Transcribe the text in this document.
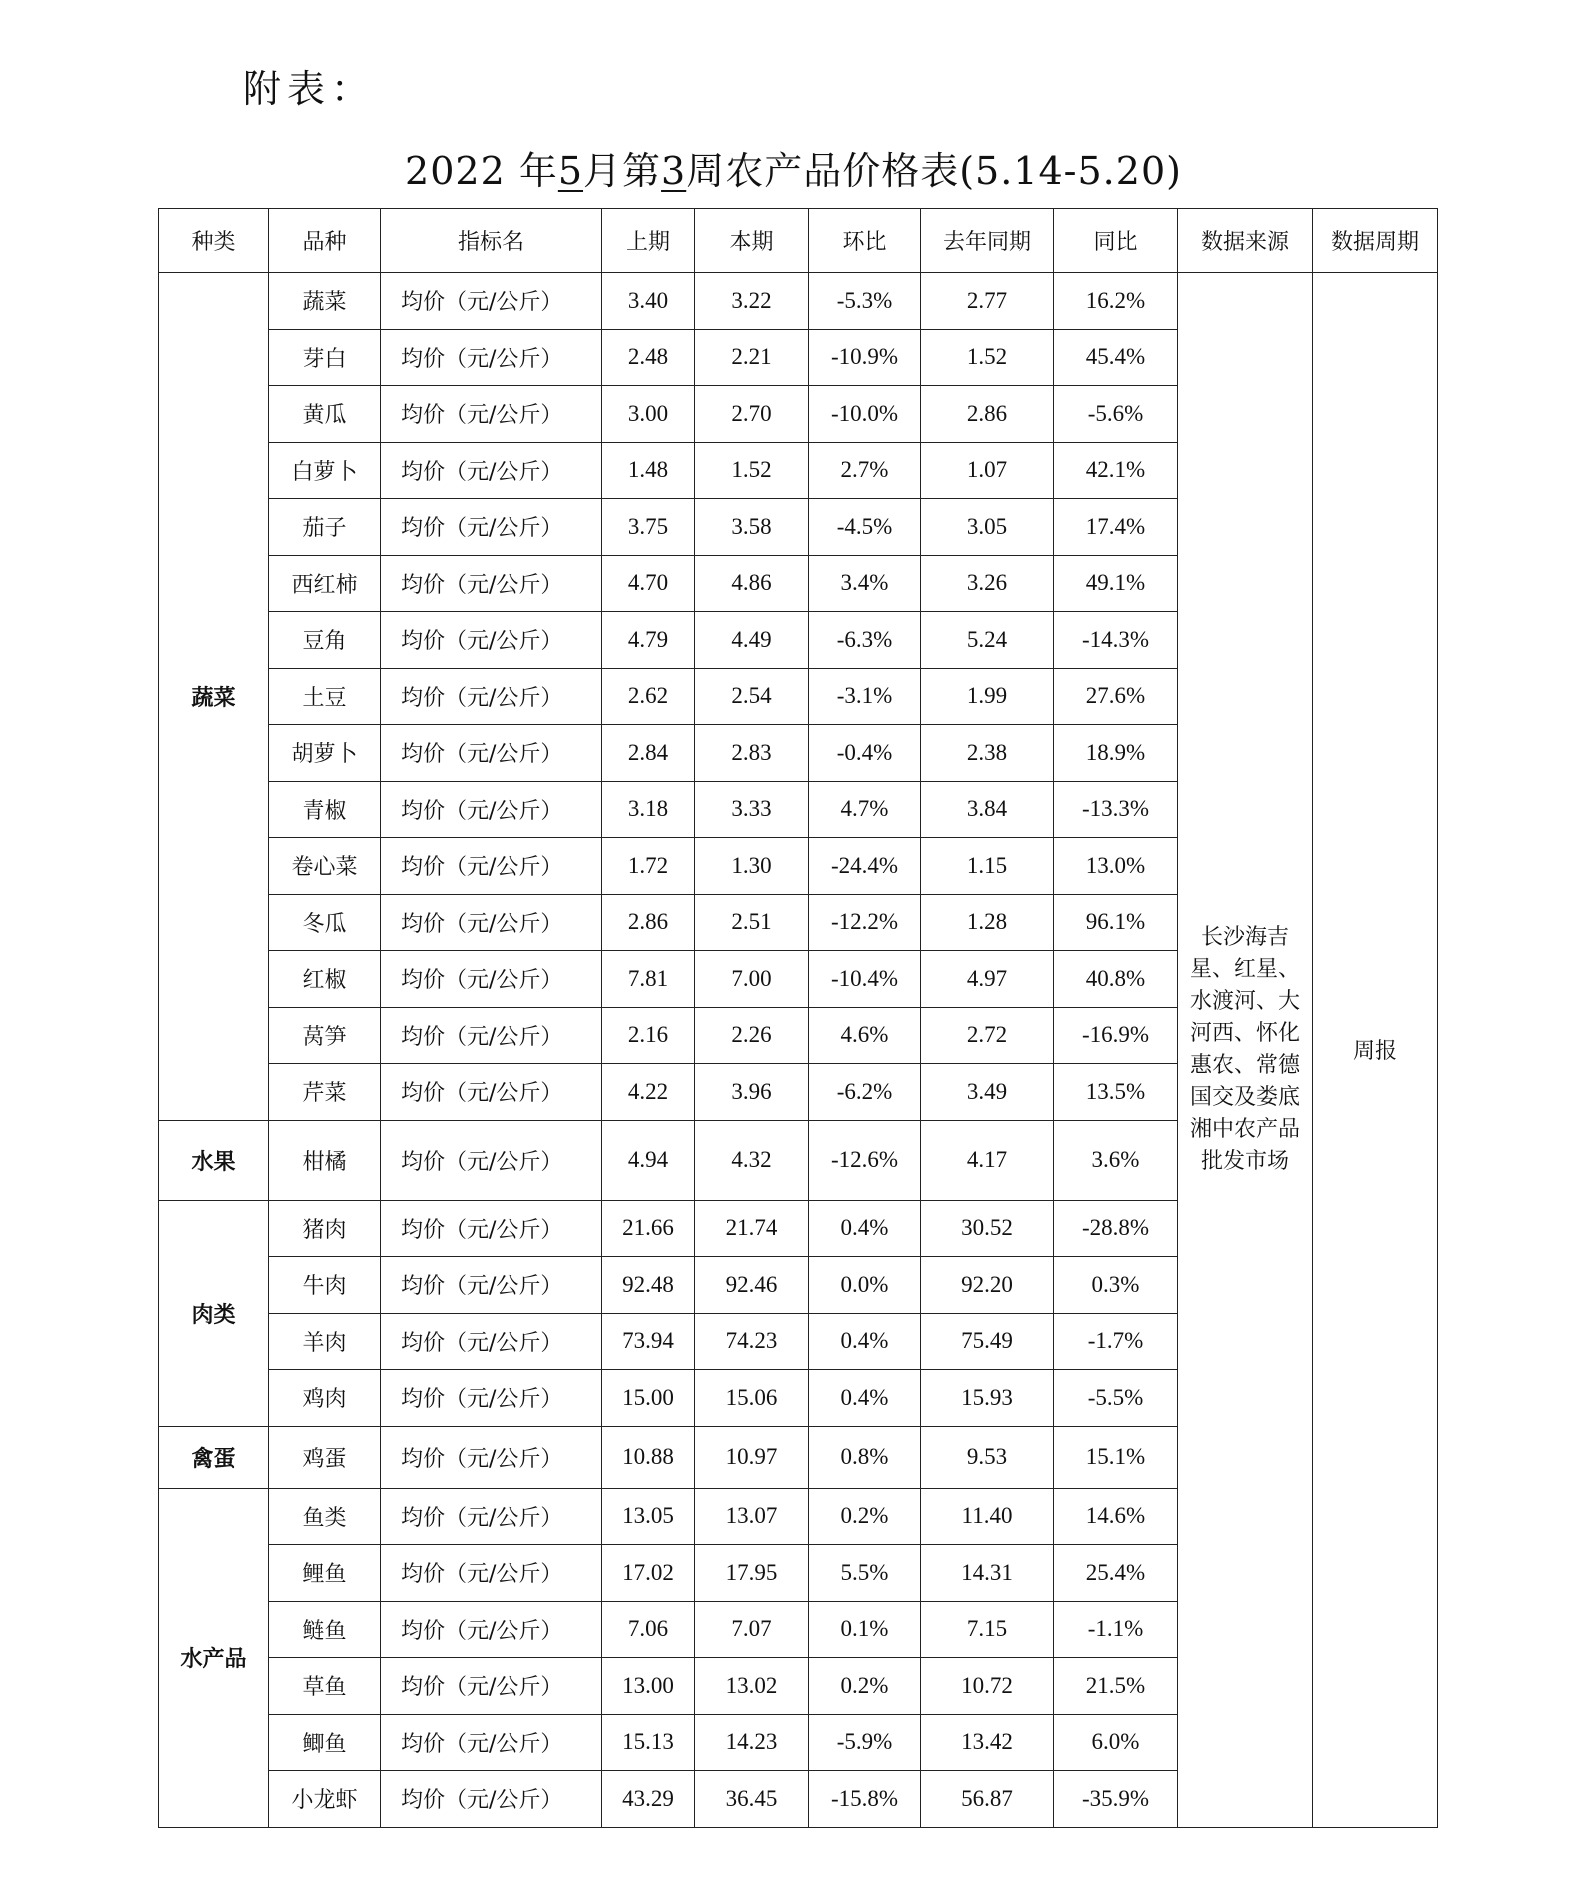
附表：
2022 年5月第3周农产品价格表(5.14-5.20)
种类	品种	指标名	上期	本期	环比	去年同期	同比	数据来源	数据周期
蔬菜	蔬菜	均价（元/公斤）	3.40	3.22	-5.3%	2.77	16.2%	长沙海吉星、红星、水渡河、大河西、怀化惠农、常德国交及娄底湘中农产品批发市场	周报
	芽白	均价（元/公斤）	2.48	2.21	-10.9%	1.52	45.4%		
	黄瓜	均价（元/公斤）	3.00	2.70	-10.0%	2.86	-5.6%		
	白萝卜	均价（元/公斤）	1.48	1.52	2.7%	1.07	42.1%		
	茄子	均价（元/公斤）	3.75	3.58	-4.5%	3.05	17.4%		
	西红柿	均价（元/公斤）	4.70	4.86	3.4%	3.26	49.1%		
	豆角	均价（元/公斤）	4.79	4.49	-6.3%	5.24	-14.3%		
	土豆	均价（元/公斤）	2.62	2.54	-3.1%	1.99	27.6%		
	胡萝卜	均价（元/公斤）	2.84	2.83	-0.4%	2.38	18.9%		
	青椒	均价（元/公斤）	3.18	3.33	4.7%	3.84	-13.3%		
	卷心菜	均价（元/公斤）	1.72	1.30	-24.4%	1.15	13.0%		
	冬瓜	均价（元/公斤）	2.86	2.51	-12.2%	1.28	96.1%		
	红椒	均价（元/公斤）	7.81	7.00	-10.4%	4.97	40.8%		
	莴笋	均价（元/公斤）	2.16	2.26	4.6%	2.72	-16.9%		
	芹菜	均价（元/公斤）	4.22	3.96	-6.2%	3.49	13.5%		
水果	柑橘	均价（元/公斤）	4.94	4.32	-12.6%	4.17	3.6%		
肉类	猪肉	均价（元/公斤）	21.66	21.74	0.4%	30.52	-28.8%		
	牛肉	均价（元/公斤）	92.48	92.46	0.0%	92.20	0.3%		
	羊肉	均价（元/公斤）	73.94	74.23	0.4%	75.49	-1.7%		
	鸡肉	均价（元/公斤）	15.00	15.06	0.4%	15.93	-5.5%		
禽蛋	鸡蛋	均价（元/公斤）	10.88	10.97	0.8%	9.53	15.1%		
水产品	鱼类	均价（元/公斤）	13.05	13.07	0.2%	11.40	14.6%		
	鲤鱼	均价（元/公斤）	17.02	17.95	5.5%	14.31	25.4%		
	鲢鱼	均价（元/公斤）	7.06	7.07	0.1%	7.15	-1.1%		
	草鱼	均价（元/公斤）	13.00	13.02	0.2%	10.72	21.5%		
	鲫鱼	均价（元/公斤）	15.13	14.23	-5.9%	13.42	6.0%		
	小龙虾	均价（元/公斤）	43.29	36.45	-15.8%	56.87	-35.9%		
